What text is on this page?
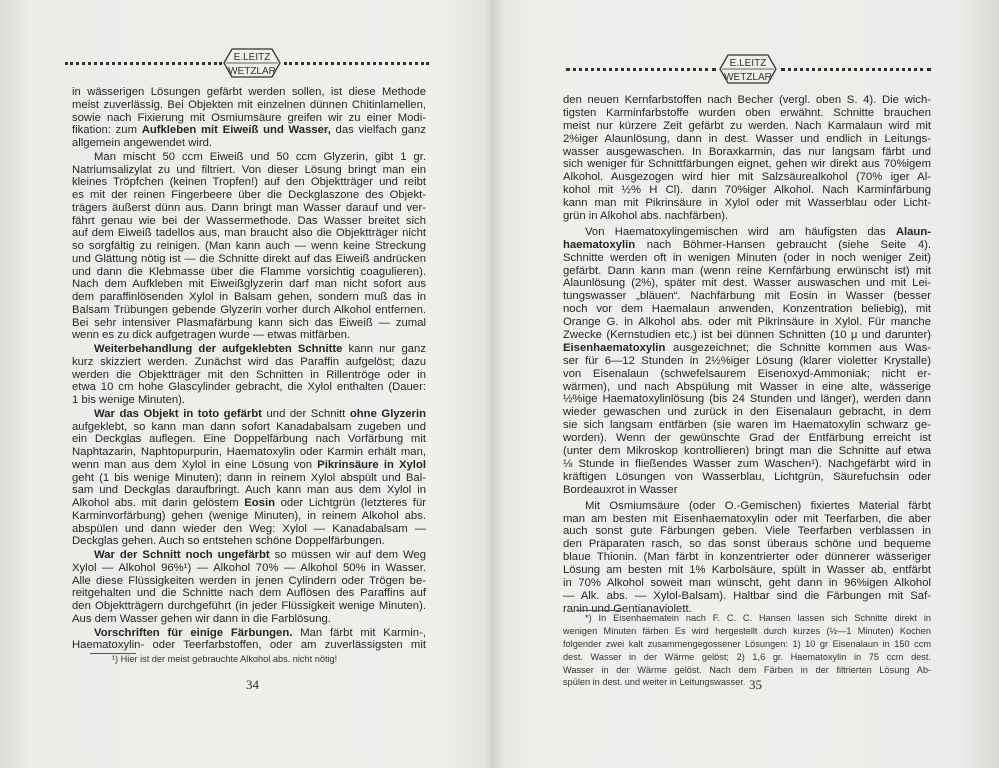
E.LEITZ
WETZLAR
in wässerigen Lösungen gefärbt werden sollen, ist diese Methode
meist zuverlässig. Bei Objekten mit einzelnen dünnen Chitinlamellen,
sowie nach Fixierung mit Osmiumsäure greifen wir zu einer Modi-
fikation: zum Aufkleben mit Eiweiß und Wasser, das vielfach ganz
allgemein angewendet wird.
Man mischt 50 ccm Eiweiß und 50 ccm Glyzerin, gibt 1 gr.
Natriumsalizylat zu und filtriert. Von dieser Lösung bringt man ein
kleines Tröpfchen (keinen Tropfen!) auf den Objektträger und reibt
es mit der reinen Fingerbeere über die Deckglaszone des Objekt-
trägers äußerst dünn aus. Dann bringt man Wasser darauf und ver-
fährt genau wie bei der Wassermethode. Das Wasser breitet sich
auf dem Eiweiß tadellos aus, man braucht also die Objektträger nicht
so sorgfältig zu reinigen. (Man kann auch — wenn keine Streckung
und Glättung nötig ist — die Schnitte direkt auf das Eiweiß andrücken
und dann die Klebmasse über die Flamme vorsichtig coagulieren).
Nach dem Aufkleben mit Eiweißglyzerin darf man nicht sofort aus
dem paraffinlösenden Xylol in Balsam gehen, sondern muß das in
Balsam Trübungen gebende Glyzerin vorher durch Alkohol entfernen.
Bei sehr intensiver Plasmafärbung kann sich das Eiweiß — zumal
wenn es zu dick aufgetragen wurde — etwas mitfärben.
Weiterbehandlung der aufgeklebten Schnitte kann nur ganz
kurz skizziert werden. Zunächst wird das Paraffin aufgelöst; dazu
werden die Objektträger mit den Schnitten in Rillentröge oder in
etwa 10 cm hohe Glascylinder gebracht, die Xylol enthalten (Dauer:
1 bis wenige Minuten).
War das Objekt in toto gefärbt und der Schnitt ohne Glyzerin
aufgeklebt, so kann man dann sofort Kanadabalsam zugeben und
ein Deckglas auflegen. Eine Doppelfärbung nach Vorfärbung mit
Naphtazarin, Naphtopurpurin, Haematoxylin oder Karmin erhält man,
wenn man aus dem Xylol in eine Lösung von Pikrinsäure in Xylol
geht (1 bis wenige Minuten); dann in reinem Xylol abspült und Bal-
sam und Deckglas daraufbringt. Auch kann man aus dem Xylol in
Alkohol abs. mit darin gelöstem Eosin oder Lichtgrün (letzteres für
Karminvorfärbung) gehen (wenige Minuten), in reinem Alkohol abs.
abspülen und dann wieder den Weg: Xylol — Kanadabalsam —
Deckglas gehen. Auch so entstehen schöne Doppelfärbungen.
War der Schnitt noch ungefärbt so müssen wir auf dem Weg
Xylol — Alkohol 96%¹) — Alkohol 70% — Alkohol 50% in Wasser.
Alle diese Flüssigkeiten werden in jenen Cylindern oder Trögen be-
reitgehalten und die Schnitte nach dem Auflösen des Paraffins auf
den Objektträgern durchgeführt (in jeder Flüssigkeit wenige Minuten).
Aus dem Wasser gehen wir dann in die Farblösung.
Vorschriften für einige Färbungen. Man färbt mit Karmin-,
Haematoxylin- oder Teerfarbstoffen, oder am zuverlässigsten mit
¹) Hier ist der meist gebrauchte Alkohol abs. nicht nötig!
34
E.LEITZ
WETZLAR
den neuen Kernfarbstoffen nach Becher (vergl. oben S. 4). Die wich-
tigsten Karminfarbstoffe wurden oben erwähnt. Schnitte brauchen
meist nur kürzere Zeit gefärbt zu werden. Nach Karmalaun wird mit
2%iger Alaunlösung, dann in dest. Wasser und endlich in Leitungs-
wasser ausgewaschen. In Boraxkarmin, das nur langsam färbt und
sich weniger für Schnittfärbungen eignet, gehen wir direkt aus 70%igem
Alkohol. Ausgezogen wird hier mit Salzsäurealkohol (70% iger Al-
kohol mit ½% H Cl). dann 70%iger Alkohol. Nach Karminfärbung
kann man mit Pikrinsäure in Xylol oder mit Wasserblau oder Licht-
grün in Alkohol abs. nachfärben).
Von Haematoxylingemischen wird am häufigsten das Alaun-
haematoxylin nach Böhmer-Hansen gebraucht (siehe Seite 4).
Schnitte werden oft in wenigen Minuten (oder in noch weniger Zeit)
gefärbt. Dann kann man (wenn reine Kernfärbung erwünscht ist) mit
Alaunlösung (2%), später mit dest. Wasser auswaschen und mit Lei-
tungswasser „bläuen“. Nachfärbung mit Eosin in Wasser (besser
noch vor dem Haemalaun anwenden, Konzentration beliebig), mit
Orange G. in Alkohol abs. oder mit Pikrinsäure in Xylol. Für manche
Zwecke (Kernstudien etc.) ist bei dünnen Schnitten (10 μ und darunter)
Eisenhaematoxylin ausgezeichnet; die Schnitte kommen aus Was-
ser für 6—12 Stunden in 2½%iger Lösung (klarer violetter Krystalle)
von Eisenalaun (schwefelsaurem Eisenoxyd-Ammoniak; nicht er-
wärmen), und nach Abspülung mit Wasser in eine alte, wässerige
½%ige Haematoxylinlösung (bis 24 Stunden und länger), werden dann
wieder gewaschen und zurück in den Eisenalaun gebracht, in dem
sie sich langsam entfärben (sie waren im Haematoxylin schwarz ge-
worden). Wenn der gewünschte Grad der Entfärbung erreicht ist
(unter dem Mikroskop kontrollieren) bringt man die Schnitte auf etwa
⅛ Stunde in fließendes Wasser zum Waschen¹). Nachgefärbt wird in
kräftigen Lösungen von Wasserblau, Lichtgrün, Säurefuchsin oder
Bordeauxrot in Wasser
Mit Osmiumsäure (oder O.-Gemischen) fixiertes Material färbt
man am besten mit Eisenhaematoxylin oder mit Teerfarben, die aber
auch sonst gute Färbungen geben. Viele Teerfarben verblassen in
den Präparaten rasch, so das sonst überaus schöne und bequeme
blaue Thionin. (Man färbt in konzentrierter oder dünnerer wässeriger
Lösung am besten mit 1% Karbolsäure, spült in Wasser ab, entfärbt
in 70% Alkohol soweit man wünscht, geht dann in 96%igen Alkohol
— Alk. abs. — Xylol-Balsam). Haltbar sind die Färbungen mit Saf-
ranin und Gentianaviolett.
*) In Eisenhaematein nach F. C. C. Hansen lassen sich Schnitte direkt in
wenigen Minuten färben Es wird hergestellt durch kurzes (½—1 Minuten) Kochen
folgender zwei kalt zusammengegossener Lösungen: 1) 10 gr Eisenalaun in 150 ccm
dest. Wasser in der Wärme gelöst; 2) 1,6 gr. Haematoxylin in 75 ccm dest.
Wasser in der Wärme gelöst. Nach dem Färben in der filtrierten Lösung Ab-
spülen in dest. und weiter in Leitungswasser. 35
